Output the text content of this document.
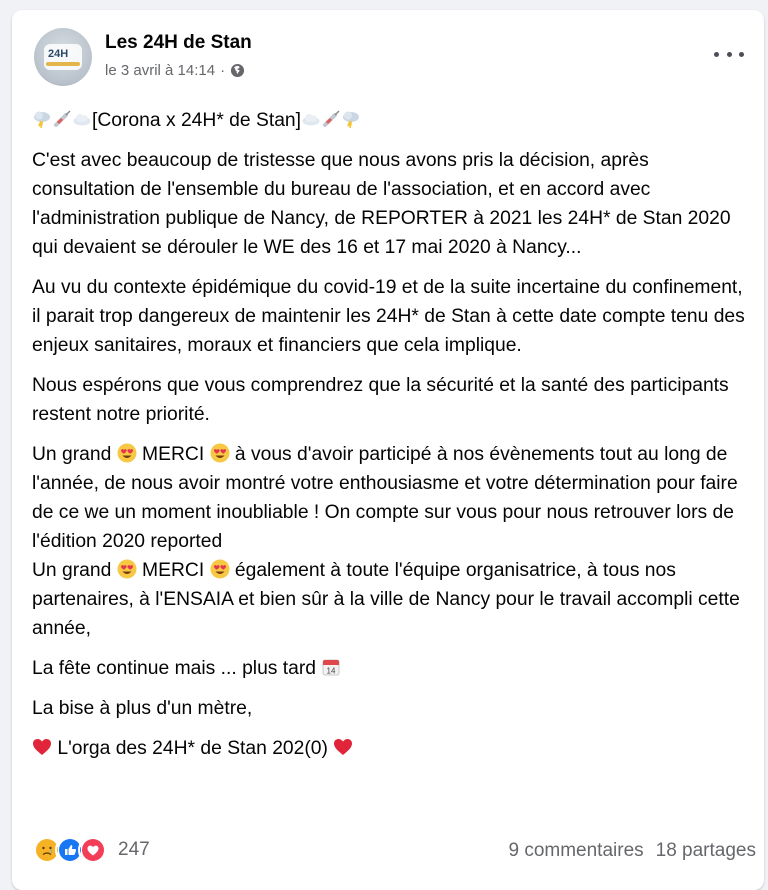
24H
Les 24H de Stan
le 3 avril à 14:14 ·

[Corona x 24H* de Stan]

C'est avec beaucoup de tristesse que nous avons pris la décision, après consultation de l'ensemble du bureau de l'association, et en accord avec l'administration publique de Nancy, de REPORTER à 2021 les 24H* de Stan 2020 qui devaient se dérouler le WE des 16 et 17 mai 2020 à Nancy...

Au vu du contexte épidémique du covid-19 et de la suite incertaine du confinement, il parait trop dangereux de maintenir les 24H* de Stan à cette date compte tenu des enjeux sanitaires, moraux et financiers que cela implique.

Nous espérons que vous comprendrez que la sécurité et la santé des participants restent notre priorité.

Un grand
MERCI
à vous d'avoir participé à nos évènements tout au long de l'année, de nous avoir montré votre enthousiasme et votre détermination pour faire de ce we un moment inoubliable ! On compte sur vous pour nous retrouver lors de l'édition 2020 reported
Un grand
MERCI
également à toute l'équipe organisatrice, à tous nos partenaires, à l'ENSAIA et bien sûr à la ville de Nancy pour le travail accompli cette année,

La fête continue mais ... plus tard 14

La bise à plus d'un mètre,

L'orga des 24H* de Stan 202(0)

247	9 commentaires 18 partages
